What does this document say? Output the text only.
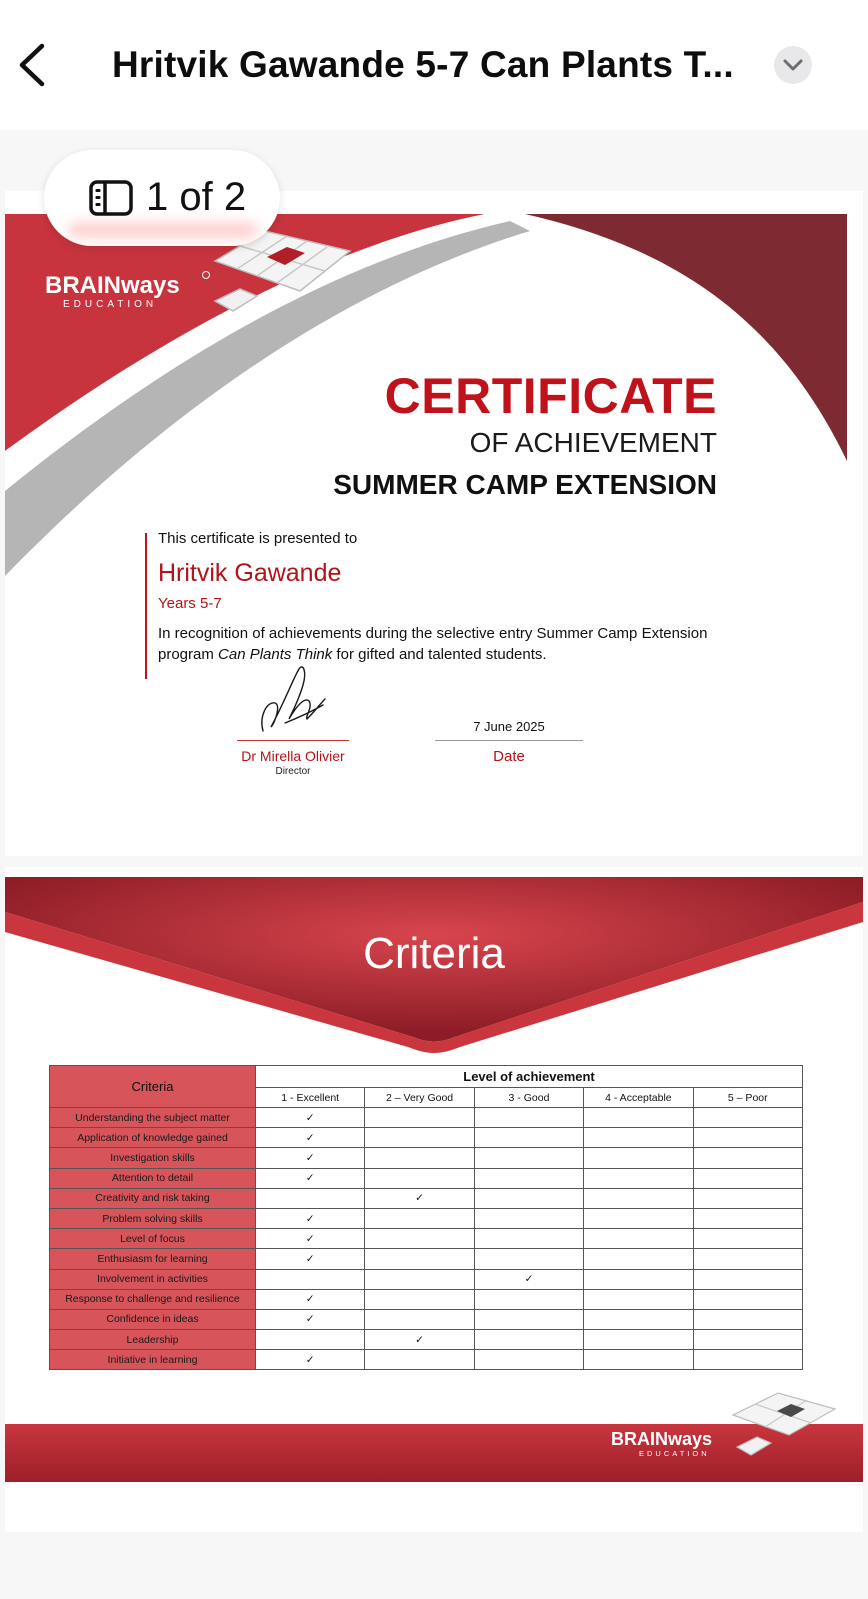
Hritvik Gawande 5-7 Can Plants T...
1 of 2
BRAINways
EDUCATION
CERTIFICATE
OF ACHIEVEMENT
SUMMER CAMP EXTENSION
This certificate is presented to
Hritvik Gawande
Years 5-7
In recognition of achievements during the selective entry Summer Camp Extension program Can Plants Think for gifted and talented students.
Dr Mirella Olivier
Director
7 June 2025
Date
Criteria
Criteria	Level of achievement				
	1 - Excellent	2 – Very Good	3 - Good	4 - Acceptable	5 – Poor
Understanding the subject matter	✓				
Application of knowledge gained	✓				
Investigation skills	✓				
Attention to detail	✓				
Creativity and risk taking		✓			
Problem solving skills	✓				
Level of focus	✓				
Enthusiasm for learning	✓				
Involvement in activities			✓		
Response to challenge and resilience	✓				
Confidence in ideas	✓				
Leadership		✓			
Initiative in learning	✓				
BRAINways
EDUCATION
